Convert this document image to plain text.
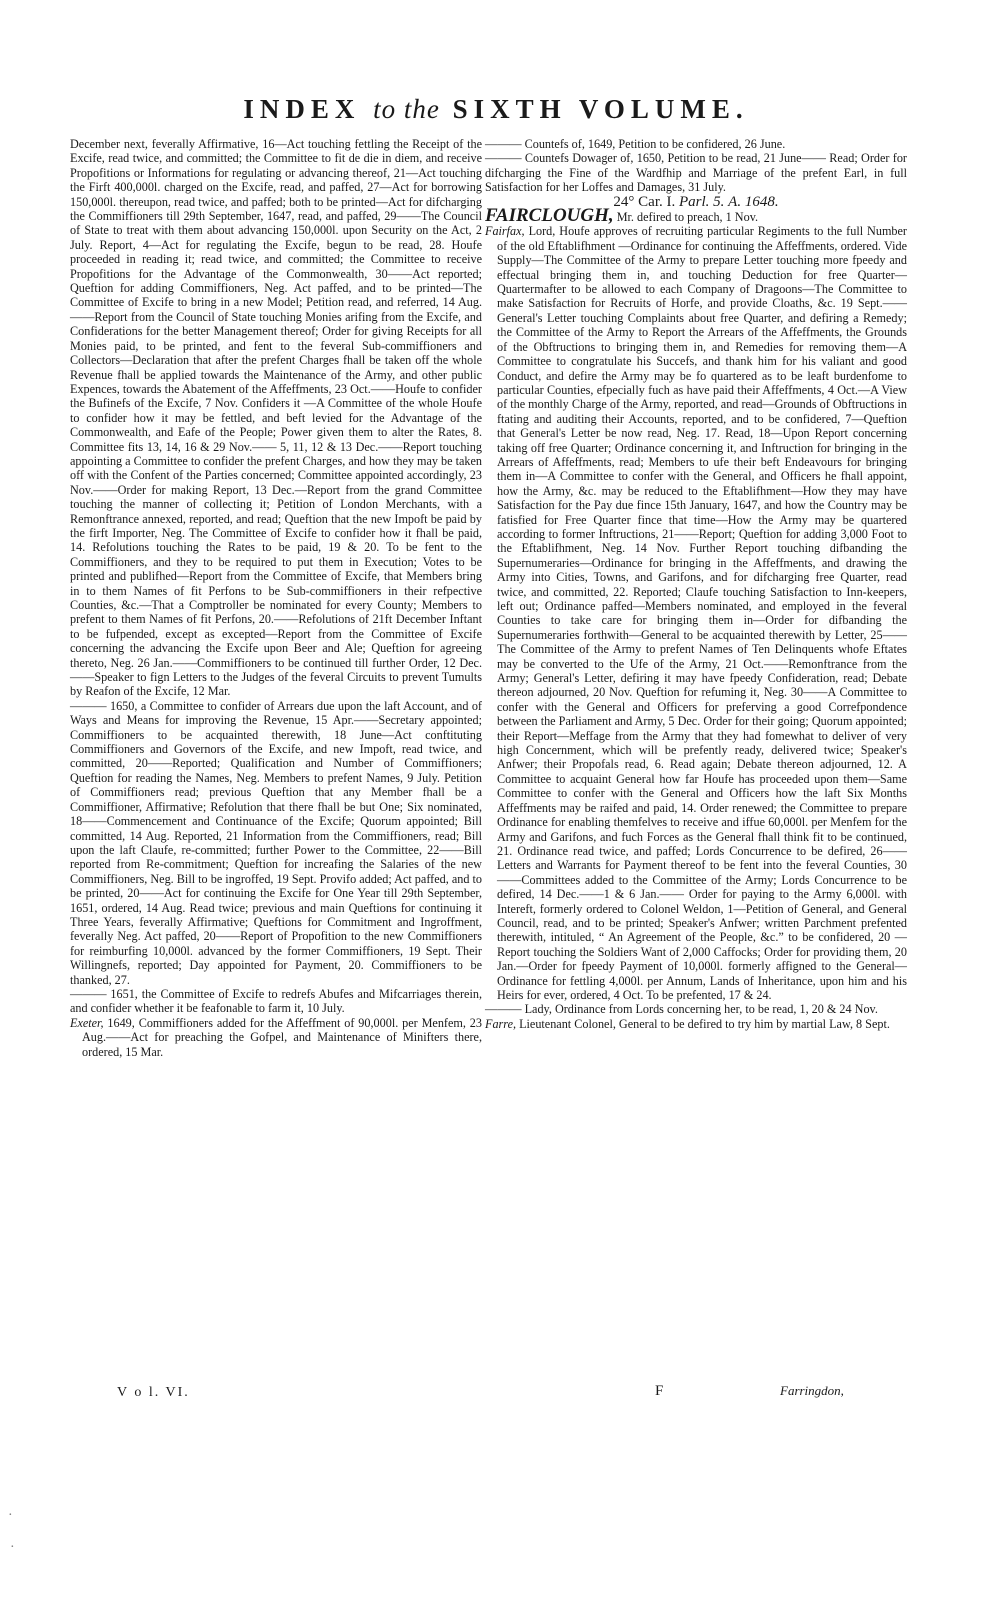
INDEX to the SIXTH VOLUME.

December next, feverally Affirmative, 16—Act touching fettling the Receipt of the Excife, read twice, and committed; the Committee to fit de die in diem, and receive Propofitions or Informations for regulating or advancing thereof, 21—Act touching the Firft 400,000l. charged on the Excife, read, and paffed, 27—Act for borrowing 150,000l. thereupon, read twice, and paffed; both to be printed—Act for difcharging the Commiffioners till 29th September, 1647, read, and paffed, 29——The Council of State to treat with them about advancing 150,000l. upon Security on the Act, 2 July. Report, 4—Act for regulating the Excife, begun to be read, 28. Houfe proceeded in reading it; read twice, and committed; the Committee to receive Propofitions for the Advantage of the Commonwealth, 30——Act reported; Queftion for adding Commiffioners, Neg. Act paffed, and to be printed—The Committee of Excife to bring in a new Model; Petition read, and referred, 14 Aug.——Report from the Council of State touching Monies arifing from the Excife, and Confiderations for the better Management thereof; Order for giving Receipts for all Monies paid, to be printed, and fent to the feveral Sub-commiffioners and Collectors—Declaration that after the prefent Charges fhall be taken off the whole Revenue fhall be applied towards the Maintenance of the Army, and other public Expences, towards the Abatement of the Affeffments, 23 Oct.——Houfe to confider the Bufinefs of the Excife, 7 Nov. Confiders it —A Committee of the whole Houfe to confider how it may be fettled, and beft levied for the Advantage of the Commonwealth, and Eafe of the People; Power given them to alter the Rates, 8. Committee fits 13, 14, 16 & 29 Nov.—— 5, 11, 12 & 13 Dec.——Report touching appointing a Committee to confider the prefent Charges, and how they may be taken off with the Confent of the Parties concerned; Committee appointed accordingly, 23 Nov.——Order for making Report, 13 Dec.—Report from the grand Committee touching the manner of collecting it; Petition of London Merchants, with a Remonftrance annexed, reported, and read; Queftion that the new Impoft be paid by the firft Importer, Neg. The Committee of Excife to confider how it fhall be paid, 14. Refolutions touching the Rates to be paid, 19 & 20. To be fent to the Commiffioners, and they to be required to put them in Execution; Votes to be printed and publifhed—Report from the Committee of Excife, that Members bring in to them Names of fit Perfons to be Sub-commiffioners in their refpective Counties, &c.—That a Comptroller be nominated for every County; Members to prefent to them Names of fit Perfons, 20.——Refolutions of 21ft December Inftant to be fufpended, except as excepted—Report from the Committee of Excife concerning the advancing the Excife upon Beer and Ale; Queftion for agreeing thereto, Neg. 26 Jan.——Commiffioners to be continued till further Order, 12 Dec.——Speaker to fign Letters to the Judges of the feveral Circuits to prevent Tumults by Reafon of the Excife, 12 Mar.

——— 1650, a Committee to confider of Arrears due upon the laft Account, and of Ways and Means for improving the Revenue, 15 Apr.——Secretary appointed; Commiffioners to be acquainted therewith, 18 June—Act conftituting Commiffioners and Governors of the Excife, and new Impoft, read twice, and committed, 20——Reported; Qualification and Number of Commiffioners; Queftion for reading the Names, Neg. Members to prefent Names, 9 July. Petition of Commiffioners read; previous Queftion that any Member fhall be a Commiffioner, Affirmative; Refolution that there fhall be but One; Six nominated, 18——Commencement and Continuance of the Excife; Quorum appointed; Bill committed, 14 Aug. Reported, 21 Information from the Commiffioners, read; Bill upon the laft Claufe, re-committed; further Power to the Committee, 22——Bill reported from Re-commitment; Queftion for increafing the Salaries of the new Commiffioners, Neg. Bill to be ingroffed, 19 Sept. Provifo added; Act paffed, and to be printed, 20——Act for continuing the Excife for One Year till 29th September, 1651, ordered, 14 Aug. Read twice; previous and main Queftions for continuing it Three Years, feverally Affirmative; Queftions for Commitment and Ingroffment, feverally Neg. Act paffed, 20——Report of Propofition to the new Commiffioners for reimburfing 10,000l. advanced by the former Commiffioners, 19 Sept. Their Willingnefs, reported; Day appointed for Payment, 20. Commiffioners to be thanked, 27.

——— 1651, the Committee of Excife to redrefs Abufes and Mifcarriages therein, and confider whether it be feafonable to farm it, 10 July.

Exeter, 1649, Commiffioners added for the Affeffment of 90,000l. per Menfem, 23 Aug.——Act for preaching the Gofpel, and Maintenance of Minifters there, ordered, 15 Mar.

——— Countefs of, 1649, Petition to be confidered, 26 June.

——— Countefs Dowager of, 1650, Petition to be read, 21 June—— Read; Order for difcharging the Fine of the Wardfhip and Marriage of the prefent Earl, in full Satisfaction for her Loffes and Damages, 31 July.

24° Car. I. Parl. 5. A. 1648.

FAIRCLOUGH, Mr. defired to preach, 1 Nov.

Fairfax, Lord, Houfe approves of recruiting particular Regiments to the full Number of the old Eftablifhment —Ordinance for continuing the Affeffments, ordered. Vide Supply—The Committee of the Army to prepare Letter touching more fpeedy and effectual bringing them in, and touching Deduction for free Quarter—Quartermafter to be allowed to each Company of Dragoons—The Committee to make Satisfaction for Recruits of Horfe, and provide Cloaths, &c. 19 Sept.——General's Letter touching Complaints about free Quarter, and defiring a Remedy; the Committee of the Army to Report the Arrears of the Affeffments, the Grounds of the Obftructions to bringing them in, and Remedies for removing them—A Committee to congratulate his Succefs, and thank him for his valiant and good Conduct, and defire the Army may be fo quartered as to be leaft burdenfome to particular Counties, efpecially fuch as have paid their Affeffments, 4 Oct.—A View of the monthly Charge of the Army, reported, and read—Grounds of Obftructions in ftating and auditing their Accounts, reported, and to be confidered, 7—Queftion that General's Letter be now read, Neg. 17. Read, 18—Upon Report concerning taking off free Quarter; Ordinance concerning it, and Inftruction for bringing in the Arrears of Affeffments, read; Members to ufe their beft Endeavours for bringing them in—A Committee to confer with the General, and Officers he fhall appoint, how the Army, &c. may be reduced to the Eftablifhment—How they may have Satisfaction for the Pay due fince 15th January, 1647, and how the Country may be fatisfied for Free Quarter fince that time—How the Army may be quartered according to former Inftructions, 21——Report; Queftion for adding 3,000 Foot to the Eftablifhment, Neg. 14 Nov. Further Report touching difbanding the Supernumeraries—Ordinance for bringing in the Affeffments, and drawing the Army into Cities, Towns, and Garifons, and for difcharging free Quarter, read twice, and committed, 22. Reported; Claufe touching Satisfaction to Inn-keepers, left out; Ordinance paffed—Members nominated, and employed in the feveral Counties to take care for bringing them in—Order for difbanding the Supernumeraries forthwith—General to be acquainted therewith by Letter, 25——The Committee of the Army to prefent Names of Ten Delinquents whofe Eftates may be converted to the Ufe of the Army, 21 Oct.——Remonftrance from the Army; General's Letter, defiring it may have fpeedy Confideration, read; Debate thereon adjourned, 20 Nov. Queftion for refuming it, Neg. 30——A Committee to confer with the General and Officers for preferving a good Correfpondence between the Parliament and Army, 5 Dec. Order for their going; Quorum appointed; their Report—Meffage from the Army that they had fomewhat to deliver of very high Concernment, which will be prefently ready, delivered twice; Speaker's Anfwer; their Propofals read, 6. Read again; Debate thereon adjourned, 12. A Committee to acquaint General how far Houfe has proceeded upon them—Same Committee to confer with the General and Officers how the laft Six Months Affeffments may be raifed and paid, 14. Order renewed; the Committee to prepare Ordinance for enabling themfelves to receive and iffue 60,000l. per Menfem for the Army and Garifons, and fuch Forces as the General fhall think fit to be continued, 21. Ordinance read twice, and paffed; Lords Concurrence to be defired, 26——Letters and Warrants for Payment thereof to be fent into the feveral Counties, 30——Committees added to the Committee of the Army; Lords Concurrence to be defired, 14 Dec.——1 & 6 Jan.—— Order for paying to the Army 6,000l. with Intereft, formerly ordered to Colonel Weldon, 1—Petition of General, and General Council, read, and to be printed; Speaker's Anfwer; written Parchment prefented therewith, intituled, “ An Agreement of the People, &c.” to be confidered, 20 —Report touching the Soldiers Want of 2,000 Caffocks; Order for providing them, 20 Jan.—Order for fpeedy Payment of 10,000l. formerly affigned to the General—Ordinance for fettling 4,000l. per Annum, Lands of Inheritance, upon him and his Heirs for ever, ordered, 4 Oct. To be prefented, 17 & 24.

——— Lady, Ordinance from Lords concerning her, to be read, 1, 20 & 24 Nov.

Farre, Lieutenant Colonel, General to be defired to try him by martial Law, 8 Sept.

V o l. VI.	F	Farringdon,
·
·
